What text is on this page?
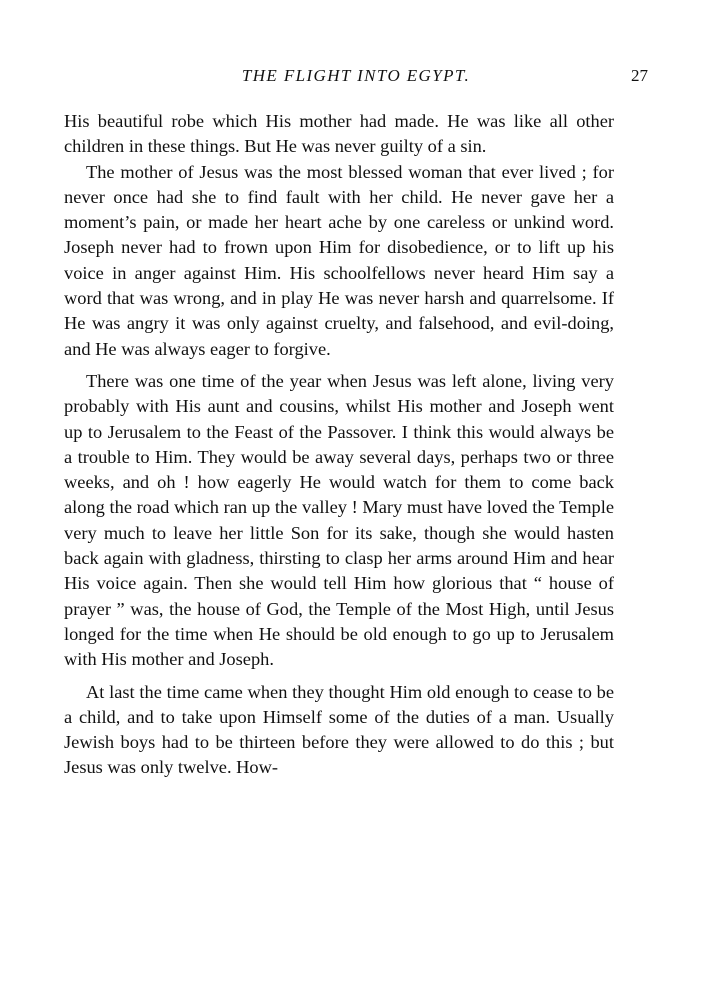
THE FLIGHT INTO EGYPT.	27

His beautiful robe which His mother had made. He was like all other children in these things. But He was never guilty of a sin.

The mother of Jesus was the most blessed woman that ever lived ; for never once had she to find fault with her child. He never gave her a moment’s pain, or made her heart ache by one careless or unkind word. Joseph never had to frown upon Him for disobedience, or to lift up his voice in anger against Him. His schoolfellows never heard Him say a word that was wrong, and in play He was never harsh and quarrelsome. If He was angry it was only against cruelty, and falsehood, and evil-doing, and He was always eager to forgive.

There was one time of the year when Jesus was left alone, living very probably with His aunt and cousins, whilst His mother and Joseph went up to Jerusalem to the Feast of the Passover. I think this would always be a trouble to Him. They would be away several days, perhaps two or three weeks, and oh ! how eagerly He would watch for them to come back along the road which ran up the valley ! Mary must have loved the Temple very much to leave her little Son for its sake, though she would hasten back again with gladness, thirsting to clasp her arms around Him and hear His voice again. Then she would tell Him how glorious that “ house of prayer ” was, the house of God, the Temple of the Most High, until Jesus longed for the time when He should be old enough to go up to Jerusalem with His mother and Joseph.

At last the time came when they thought Him old enough to cease to be a child, and to take upon Himself some of the duties of a man. Usually Jewish boys had to be thirteen before they were allowed to do this ; but Jesus was only twelve. How-
